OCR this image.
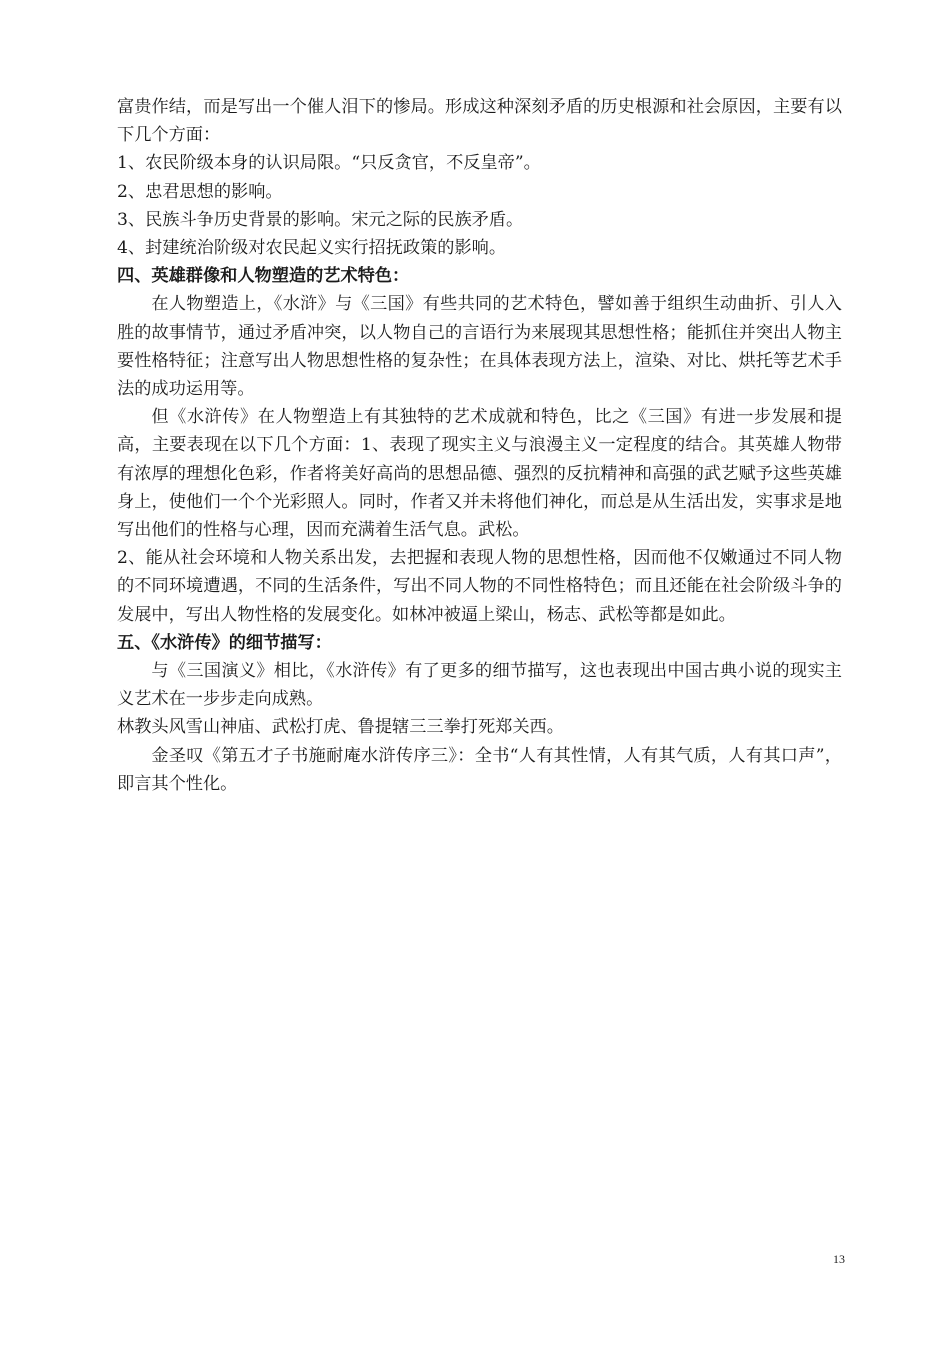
富贵作结，而是写出一个催人泪下的惨局。形成这种深刻矛盾的历史根源和社会原因，主要有以下几个方面：

1、农民阶级本身的认识局限。“只反贪官，不反皇帝”。

2、忠君思想的影响。

3、民族斗争历史背景的影响。宋元之际的民族矛盾。

4、封建统治阶级对农民起义实行招抚政策的影响。

四、英雄群像和人物塑造的艺术特色：

在人物塑造上，《水浒》与《三国》有些共同的艺术特色，譬如善于组织生动曲折、引人入胜的故事情节，通过矛盾冲突，以人物自己的言语行为来展现其思想性格；能抓住并突出人物主要性格特征；注意写出人物思想性格的复杂性；在具体表现方法上，渲染、对比、烘托等艺术手法的成功运用等。

但《水浒传》在人物塑造上有其独特的艺术成就和特色，比之《三国》有进一步发展和提高，主要表现在以下几个方面：1、表现了现实主义与浪漫主义一定程度的结合。其英雄人物带有浓厚的理想化色彩，作者将美好高尚的思想品德、强烈的反抗精神和高强的武艺赋予这些英雄身上，使他们一个个光彩照人。同时，作者又并未将他们神化，而总是从生活出发，实事求是地写出他们的性格与心理，因而充满着生活气息。武松。

2、能从社会环境和人物关系出发，去把握和表现人物的思想性格，因而他不仅嫩通过不同人物的不同环境遭遇，不同的生活条件，写出不同人物的不同性格特色；而且还能在社会阶级斗争的发展中，写出人物性格的发展变化。如林冲被逼上梁山，杨志、武松等都是如此。

五、《水浒传》的细节描写：

与《三国演义》相比，《水浒传》有了更多的细节描写，这也表现出中国古典小说的现实主义艺术在一步步走向成熟。

林教头风雪山神庙、武松打虎、鲁提辖三三拳打死郑关西。

金圣叹《第五才子书施耐庵水浒传序三》：全书“人有其性情，人有其气质，人有其口声”，即言其个性化。

13
